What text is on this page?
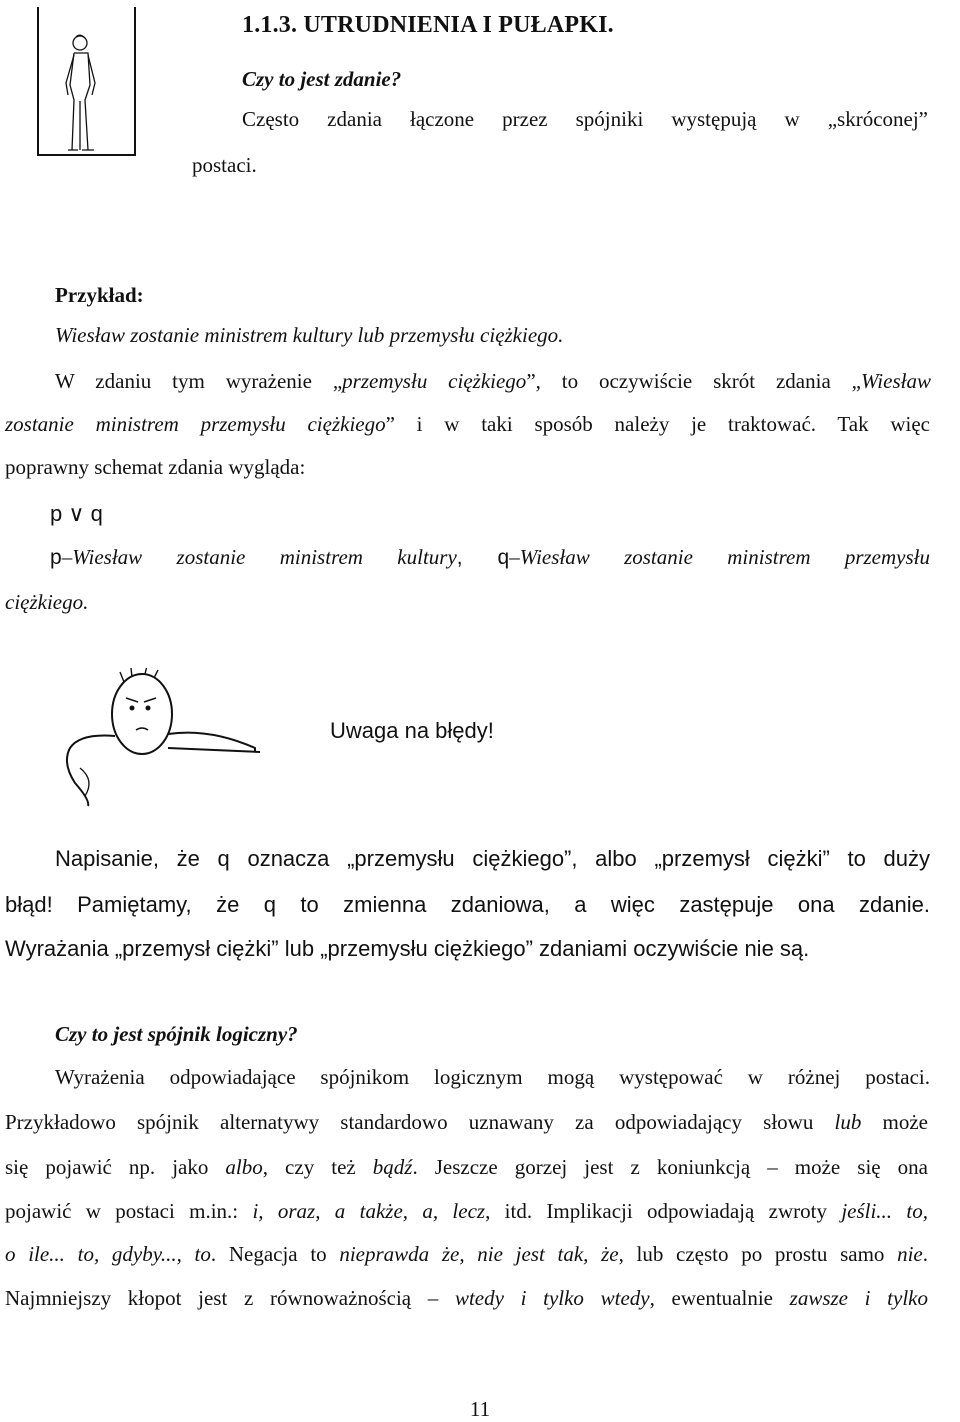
1.1.3. UTRUDNIENIA I PUŁAPKI.
Czy to jest zdanie?
Często zdania łączone przez spójniki występują w „skróconej”
postaci.
Przykład:
Wiesław zostanie ministrem kultury lub przemysłu ciężkiego.
W zdaniu tym wyrażenie „przemysłu ciężkiego”, to oczywiście skrót zdania „Wiesław
zostanie ministrem przemysłu ciężkiego” i w taki sposób należy je traktować. Tak więc
poprawny schemat zdania wygląda:
p ∨ q
p–Wiesław zostanie ministrem kultury, q–Wiesław zostanie ministrem przemysłu
ciężkiego.
Uwaga na błędy!
Napisanie, że q oznacza „przemysłu ciężkiego”, albo „przemysł ciężki” to duży
błąd! Pamiętamy, że q to zmienna zdaniowa, a więc zastępuje ona zdanie.
Wyrażania „przemysł ciężki” lub „przemysłu ciężkiego” zdaniami oczywiście nie są.
Czy to jest spójnik logiczny?
Wyrażenia odpowiadające spójnikom logicznym mogą występować w różnej postaci.
Przykładowo spójnik alternatywy standardowo uznawany za odpowiadający słowu lub może
się pojawić np. jako albo, czy też bądź. Jeszcze gorzej jest z koniunkcją – może się ona
pojawić w postaci m.in.: i, oraz, a także, a, lecz, itd. Implikacji odpowiadają zwroty jeśli... to,
o ile... to, gdyby..., to. Negacja to nieprawda że, nie jest tak, że, lub często po prostu samo nie.
Najmniejszy kłopot jest z równoważnością – wtedy i tylko wtedy, ewentualnie zawsze i tylko
11
